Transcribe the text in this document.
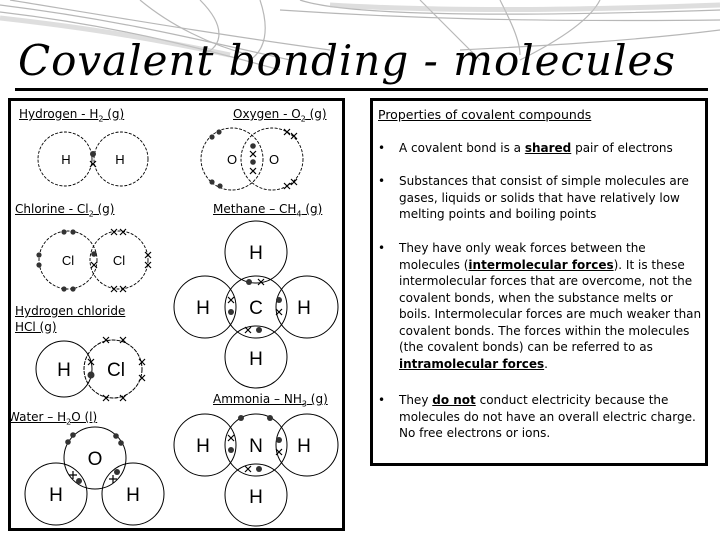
Covalent bonding - molecules
H	H	O O
Cl	Cl	H
H C H
H
H Cl
H N H
H
O
H	H
Hydrogen - $H_2$ (g)	Oxygen - $O_2$ (g)
Chlorine - $Cl_2$ (g)	Methane – $CH_4$ (g)
Hydrogen chloride
HCl (g)
Ammonia – $NH_3$ (g)
Water – $H_2O$ (l)
Properties of covalent compounds
•	A covalent bond is a shared pair of electrons
•	Substances that consist of simple molecules are gases, liquids or solids that have relatively low melting points and boiling points
•	They have only weak forces between the molecules (intermolecular forces). It is these intermolecular forces that are overcome, not the covalent bonds, when the substance melts or boils. Intermolecular forces are much weaker than covalent bonds. The forces within the molecules (the covalent bonds) can be referred to as intramolecular forces.
•	They do not conduct electricity because the molecules do not have an overall electric charge. No free electrons or ions.
